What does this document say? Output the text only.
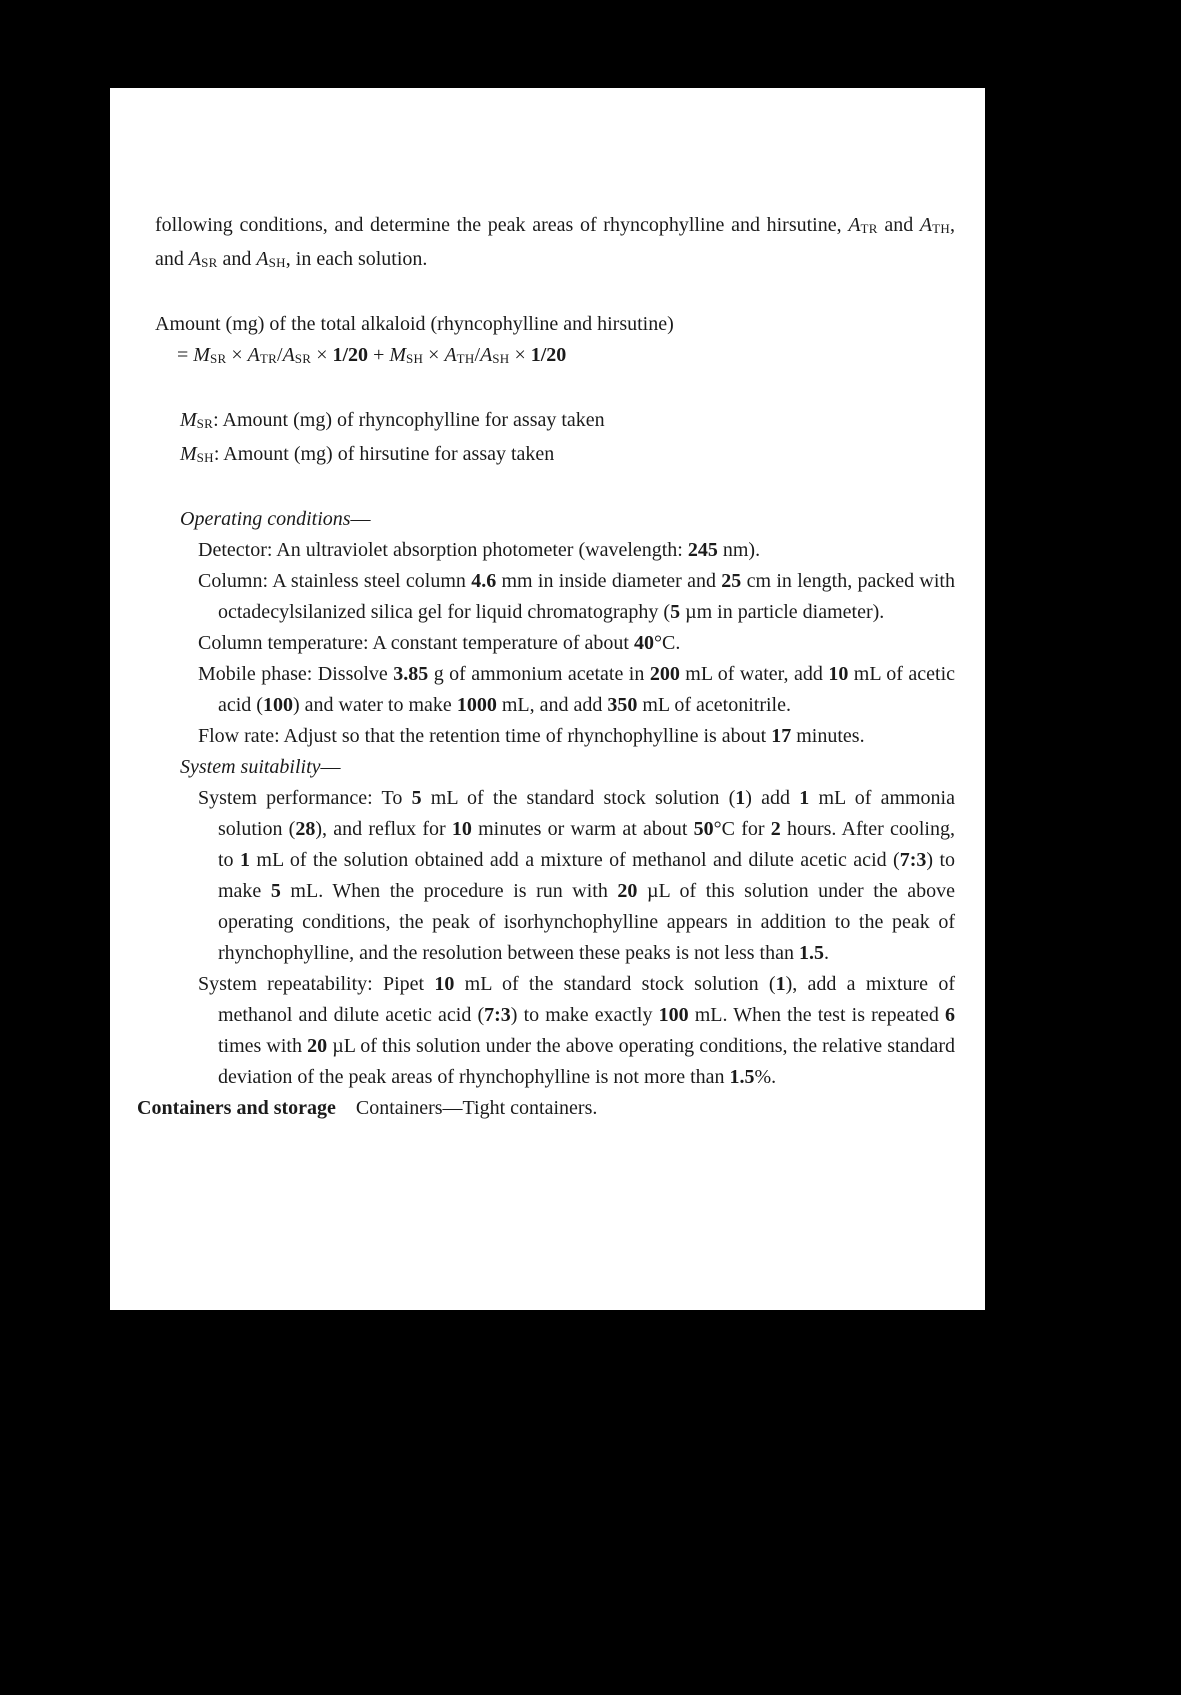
following conditions, and determine the peak areas of rhyncophylline and hirsutine, ATR and ATH, and ASR and ASH, in each solution.
Amount (mg) of the total alkaloid (rhyncophylline and hirsutine)
= MSR × ATR/ASR × 1/20 + MSH × ATH/ASH × 1/20
MSR: Amount (mg) of rhyncophylline for assay taken
MSH: Amount (mg) of hirsutine for assay taken
Operating conditions—
Detector: An ultraviolet absorption photometer (wavelength: 245 nm).
Column: A stainless steel column 4.6 mm in inside diameter and 25 cm in length, packed with octadecylsilanized silica gel for liquid chromatography (5 µm in particle diameter).
Column temperature: A constant temperature of about 40°C.
Mobile phase: Dissolve 3.85 g of ammonium acetate in 200 mL of water, add 10 mL of acetic acid (100) and water to make 1000 mL, and add 350 mL of acetonitrile.
Flow rate: Adjust so that the retention time of rhynchophylline is about 17 minutes.
System suitability—
System performance: To 5 mL of the standard stock solution (1) add 1 mL of ammonia solution (28), and reflux for 10 minutes or warm at about 50°C for 2 hours. After cooling, to 1 mL of the solution obtained add a mixture of methanol and dilute acetic acid (7:3) to make 5 mL. When the procedure is run with 20 µL of this solution under the above operating conditions, the peak of isorhynchophylline appears in addition to the peak of rhynchophylline, and the resolution between these peaks is not less than 1.5.
System repeatability: Pipet 10 mL of the standard stock solution (1), add a mixture of methanol and dilute acetic acid (7:3) to make exactly 100 mL. When the test is repeated 6 times with 20 µL of this solution under the above operating conditions, the relative standard deviation of the peak areas of rhynchophylline is not more than 1.5%.
Containers and storage Containers—Tight containers.
